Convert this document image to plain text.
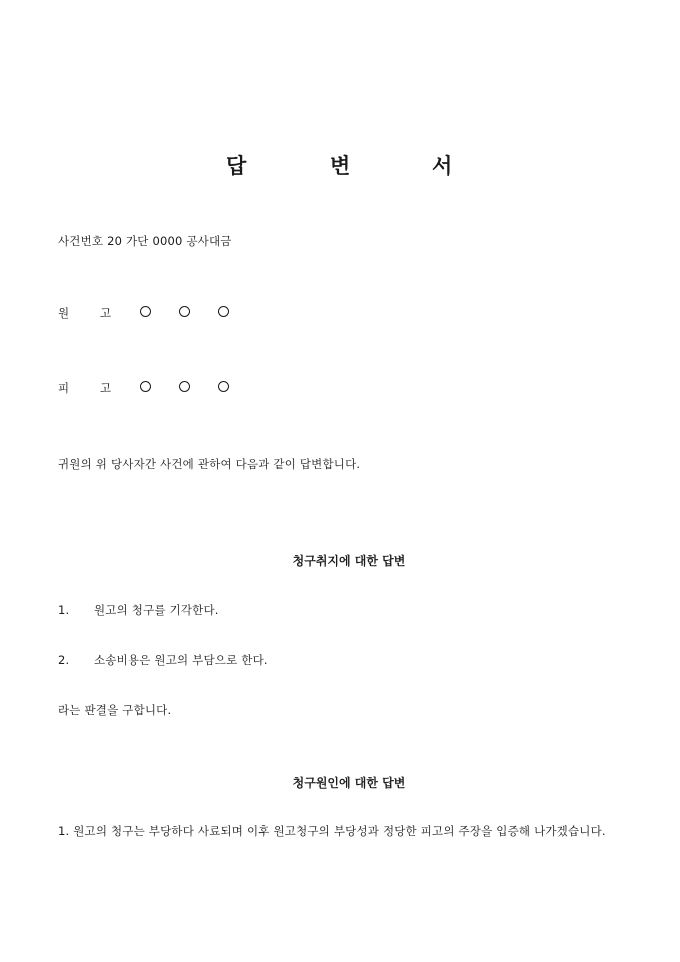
답	변	서
사건번호 20 가단 0000 공사대금
원	고
피	고
귀원의 위 당사자간 사건에 관하여 다음과 같이 답변합니다.
청구취지에 대한 답변
1. 원고의 청구를 기각한다.
2. 소송비용은 원고의 부담으로 한다.
라는 판결을 구합니다.
청구원인에 대한 답변
1. 원고의 청구는 부당하다 사료되며 이후 원고청구의 부당성과 정당한 피고의 주장을 입증해 나가겠습니다.
